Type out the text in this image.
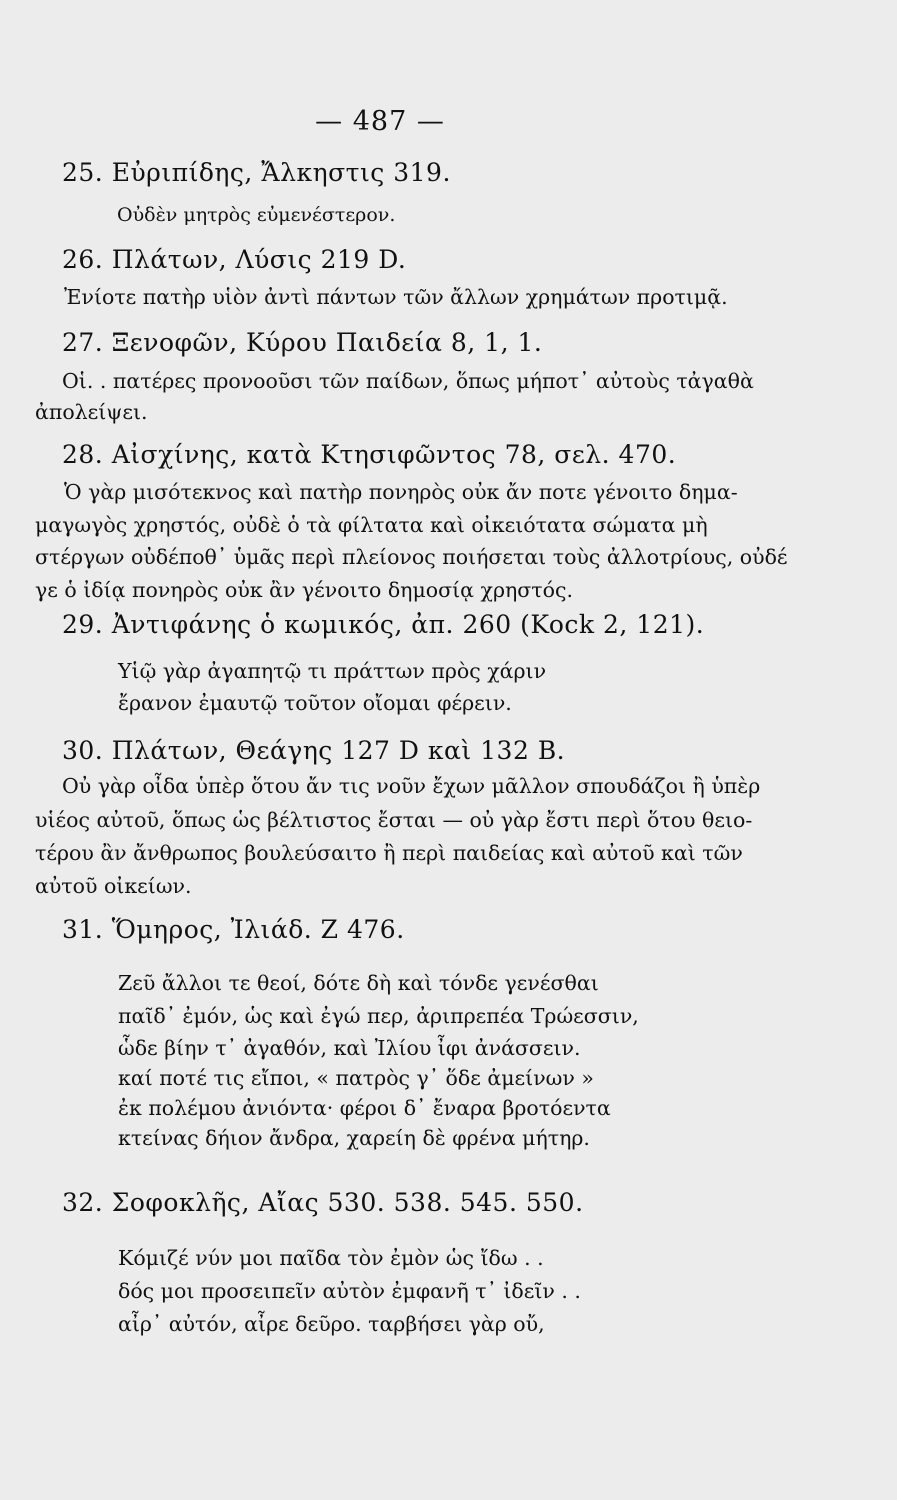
— 487 —
25. Εὐριπίδης, Ἄλκηστις 319.
Οὐδὲν μητρὸς εὐμενέστερον.
26. Πλάτων, Λύσις 219 D.
Ἐνίοτε πατὴρ υἱὸν ἀντὶ πάντων τῶν ἄλλων χρημάτων προτιμᾷ.
27. Ξενοφῶν, Κύρου Παιδεία 8, 1, 1.
Οἱ. . πατέρες προνοοῦσι τῶν παίδων, ὅπως μήποτ᾽ αὐτοὺς τἀγαθὰ
ἀπολείψει.
28. Αἰσχίνης, κατὰ Κτησιφῶντος 78, σελ. 470.
Ὁ γὰρ μισότεκνος καὶ πατὴρ πονηρὸς οὐκ ἄν ποτε γένοιτο δημα-
μαγωγὸς χρηστός, οὐδὲ ὁ τὰ φίλτατα καὶ οἰκειότατα σώματα μὴ
στέργων οὐδέποθ᾽ ὑμᾶς περὶ πλείονος ποιήσεται τοὺς ἀλλοτρίους, οὐδέ
γε ὁ ἰδίᾳ πονηρὸς οὐκ ἂν γένοιτο δημοσίᾳ χρηστός.
29. Ἀντιφάνης ὁ κωμικός, ἀπ. 260 (Kock 2, 121).
Υἱῷ γὰρ ἀγαπητῷ τι πράττων πρὸς χάριν
ἔρανον ἐμαυτῷ τοῦτον οἴομαι φέρειν.
30. Πλάτων, Θεάγης 127 D καὶ 132 B.
Οὐ γὰρ οἶδα ὑπὲρ ὅτου ἄν τις νοῦν ἔχων μᾶλλον σπουδάζοι ἢ ὑπὲρ
υἱέος αὐτοῦ, ὅπως ὡς βέλτιστος ἔσται — οὐ γὰρ ἔστι περὶ ὅτου θειο-
τέρου ἂν ἄνθρωπος βουλεύσαιτο ἢ περὶ παιδείας καὶ αὐτοῦ καὶ τῶν
αὐτοῦ οἰκείων.
31. Ὅμηρος, Ἰλιάδ. Ζ 476.
Ζεῦ ἄλλοι τε θεοί, δότε δὴ καὶ τόνδε γενέσθαι
παῖδ᾽ ἐμόν, ὡς καὶ ἐγώ περ, ἀριπρεπέα Τρώεσσιν,
ὧδε βίην τ᾽ ἀγαθόν, καὶ Ἰλίου ἶφι ἀνάσσειν.
καί ποτέ τις εἴποι, « πατρὸς γ᾽ ὅδε ἀμείνων »
ἐκ πολέμου ἀνιόντα· φέροι δ᾽ ἔναρα βροτόεντα
κτείνας δήιον ἄνδρα, χαρείη δὲ φρένα μήτηρ.
32. Σοφοκλῆς, Αἴας 530. 538. 545. 550.
Κόμιζέ νύν μοι παῖδα τὸν ἐμὸν ὡς ἴδω . .
δός μοι προσειπεῖν αὐτὸν ἐμφανῆ τ᾽ ἰδεῖν . .
αἶρ᾽ αὐτόν, αἶρε δεῦρο. ταρβήσει γὰρ οὔ,
